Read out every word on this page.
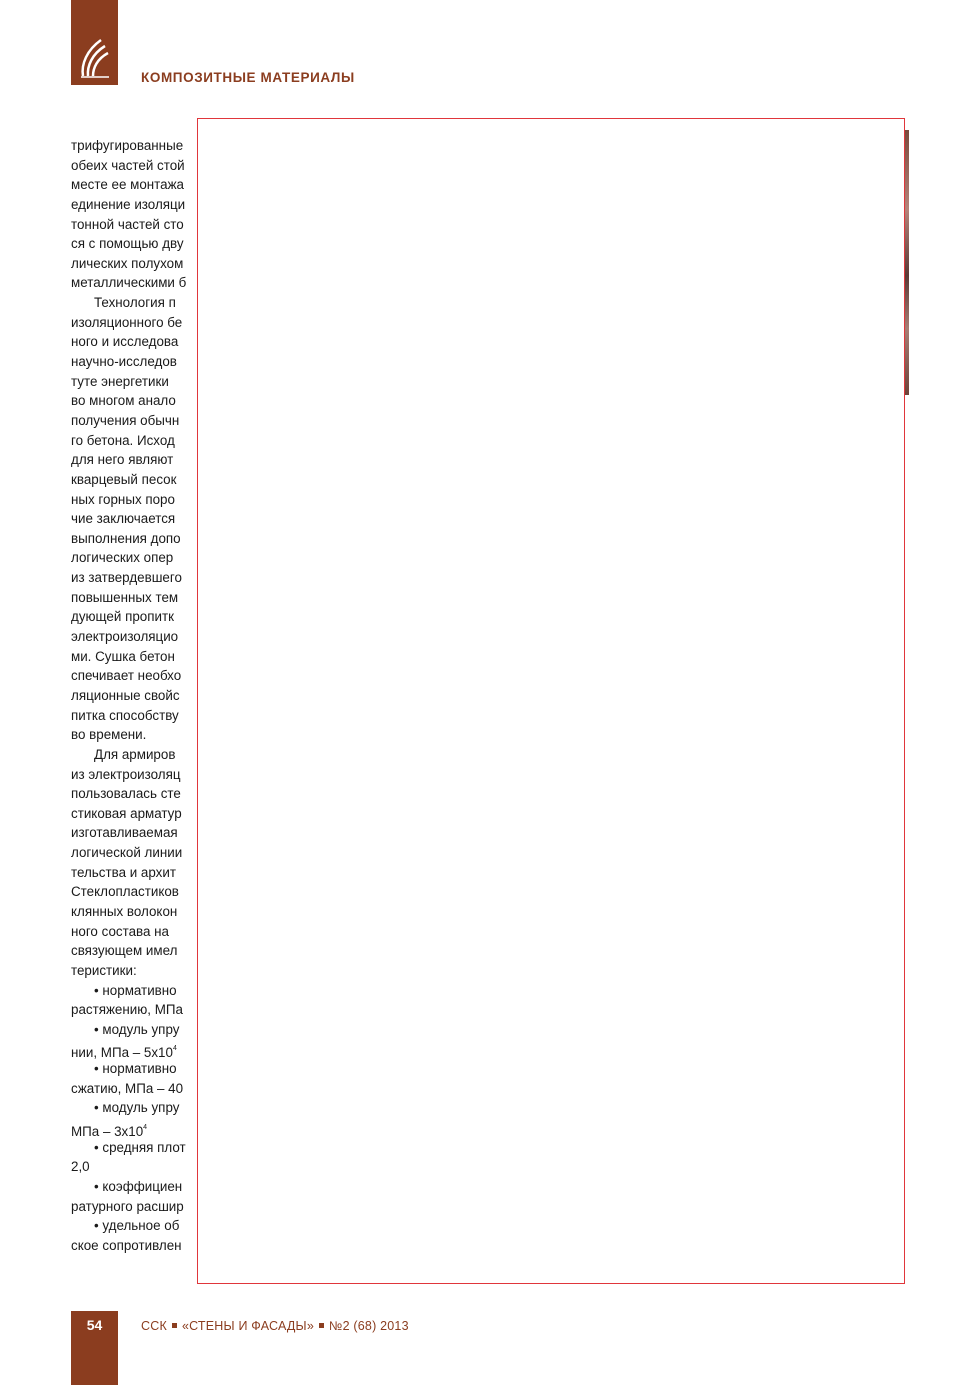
КОМПОЗИТНЫЕ МАТЕРИАЛЫ
трифугированные
обеих частей стой
месте ее монтажа
единение изоляци
тонной частей сто
ся с помощью дву
лических полухом
металлическими б
Технология п
изоляционного бе
ного и исследова
научно-исследов
туте энергетики
во многом анало
получения обычн
го бетона. Исход
для него являют
кварцевый песок
ных горных поро
чие заключается
выполнения допо
логических опер
из затвердевшего
повышенных тем
дующей пропитк
электроизоляцио
ми. Сушка бетон
спечивает необхо
ляционные свойс
питка способству
во времени.
Для армиров
из электроизоляц
пользовалась сте
стиковая арматур
изготавливаемая
логической линии
тельства и архит
Стеклопластиков
клянных волокон
ного состава на
связующем имел
теристики:
• нормативно
растяжению, МПа
• модуль упру
нии, МПа – $5х10^4$
• нормативно
сжатию, МПа – 40
• модуль упру
МПа – $3х10^4$
• средняя плот
2,0
• коэффициен
ратурного расшир
• удельное об
ское сопротивлен
54	ССК «СТЕНЫ И ФАСАДЫ» №2 (68) 2013
